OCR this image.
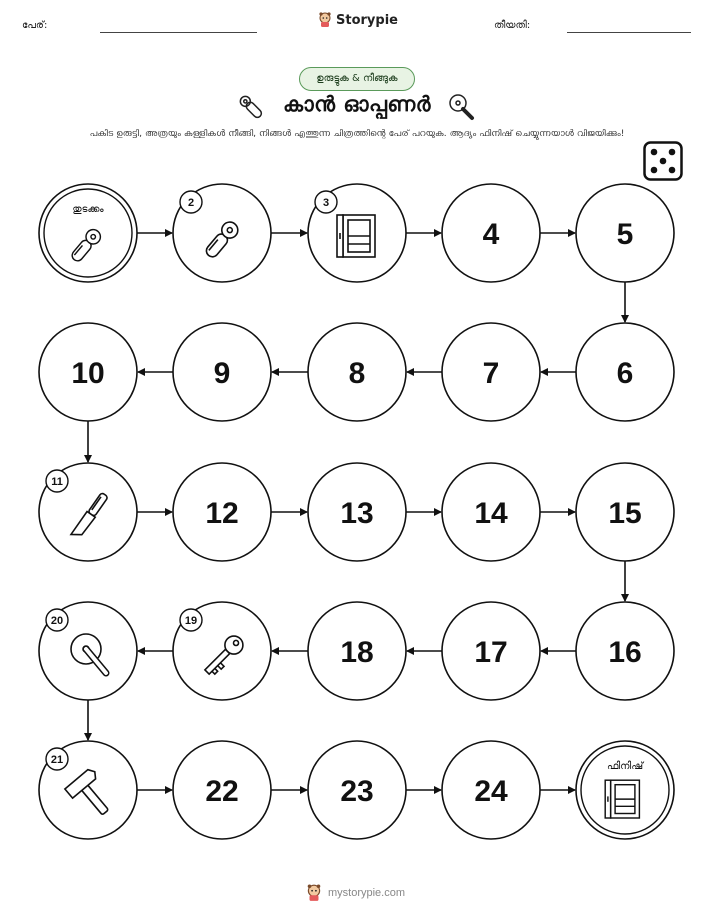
പേര്:	Storypie	തീയതി:
ഉരുട്ടുക & നീങ്ങുക
കാൻ ഓപ്പണർ
പകിട ഉരുട്ടി, അത്രയും കള്ളികൾ നീങ്ങി, നിങ്ങൾ എത്തുന്ന ചിത്രത്തിന്റെ പേര് പറയുക. ആദ്യം ഫിനിഷ് ചെയ്യുന്നയാൾ വിജയിക്കും!
തുടക്കം
2	3
4	5
6
7
8
9
10
11
12	13	14	15
16
17
18
19
20
21
22	23	24
ഫിനിഷ്
mystorypie.com
